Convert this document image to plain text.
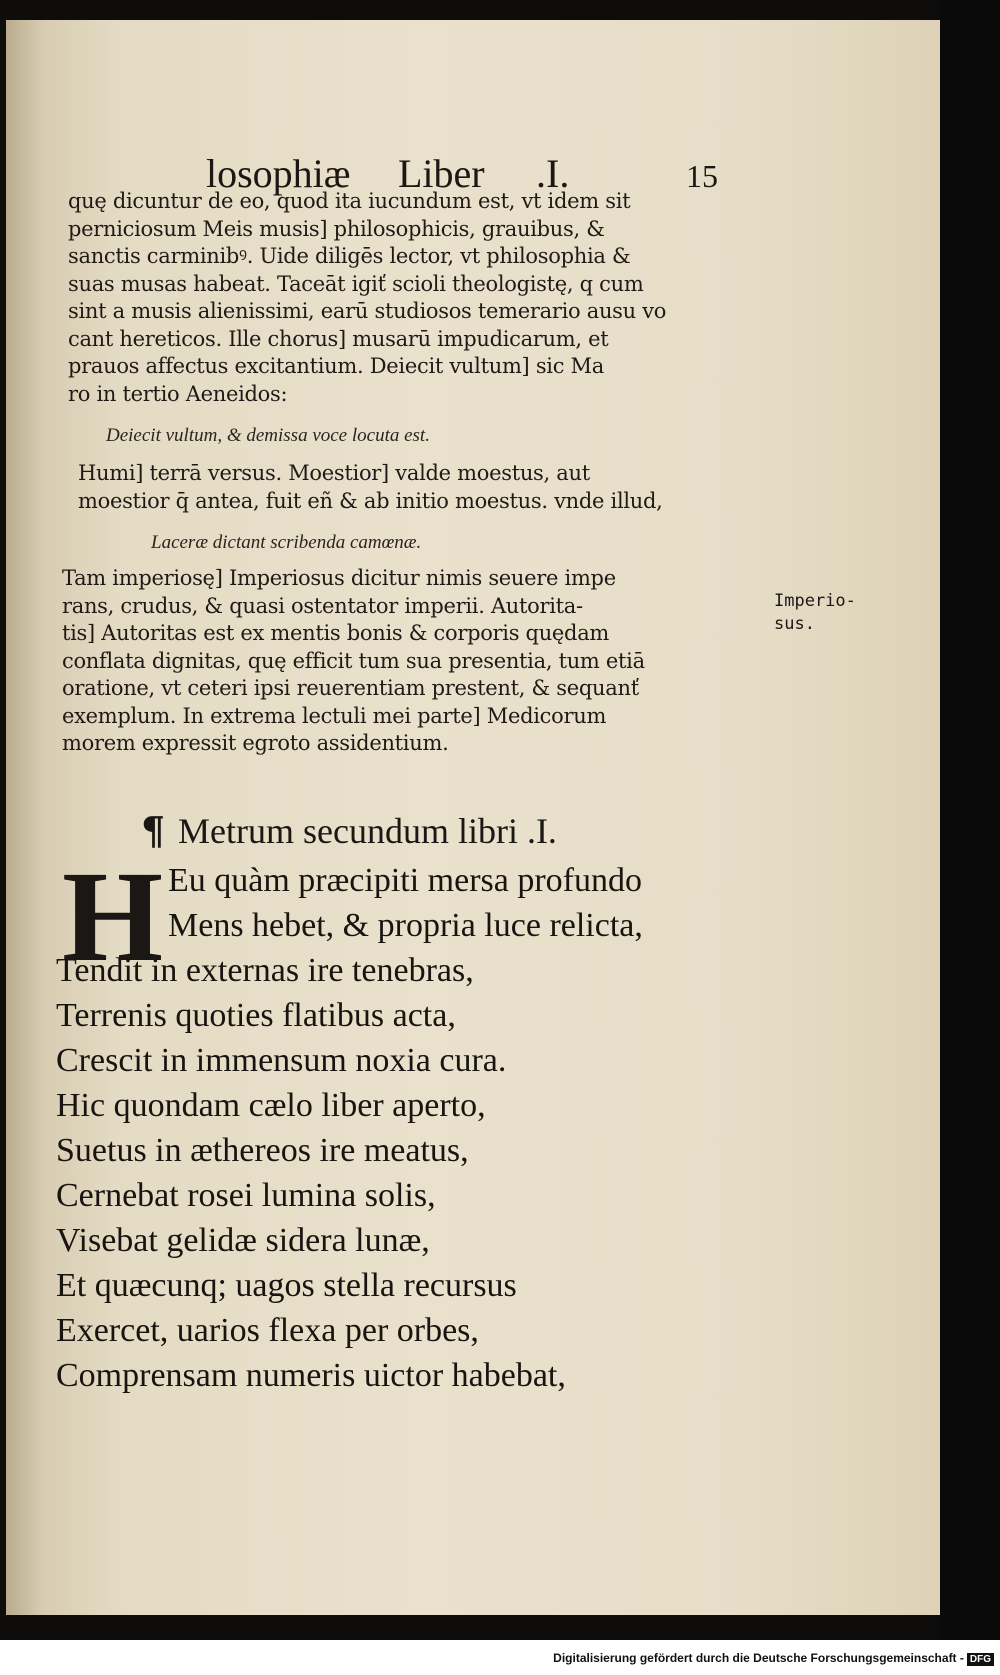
losophiæ Liber .I.	15
quę dicuntur de eo, quod ita iucundum est, vt idem sit
perniciosum Meis musis] philosophicis, grauibus, &
sanctis carminibꝰ. Uide diligēs lector, vt philosophia &
suas musas habeat. Taceāt igiť scioli theologistę, q cum
sint a musis alienissimi, earū studiosos temerario ausu vo
cant hereticos. Ille chorus] musarū impudicarum, et
prauos affectus excitantium. Deiecit vultum] sic Ma
ro in tertio Aeneidos:
Deiecit vultum, & demissa voce locuta est.
Humi] terrā versus. Moestior] valde moestus, aut
moestior q̄ antea, fuit eñ & ab initio moestus. vnde illud,
Laceræ dictant scribenda camœnæ.
Tam imperiosę] Imperiosus dicitur nimis seuere impe
rans, crudus, & quasi ostentator imperii. Autorita-
tis] Autoritas est ex mentis bonis & corporis quędam
conflata dignitas, quę efficit tum sua presentia, tum etiā
oratione, vt ceteri ipsi reuerentiam prestent, & sequanť
exemplum. In extrema lectuli mei parte] Medicorum
morem expressit egroto assidentium.
Imperio-
sus.
¶ Metrum secundum libri .I.
H Eu quàm præcipiti mersa profundo
Mens hebet, & propria luce relicta,
Tendit in externas ire tenebras,
Terrenis quoties flatibus acta,
Crescit in immensum noxia cura.
Hic quondam cælo liber aperto,
Suetus in æthereos ire meatus,
Cernebat rosei lumina solis,
Visebat gelidæ sidera lunæ,
Et quæcunq; uagos stella recursus
Exercet, uarios flexa per orbes,
Comprensam numeris uictor habebat,
Digitalisierung gefördert durch die Deutsche Forschungsgemeinschaft - DFG
